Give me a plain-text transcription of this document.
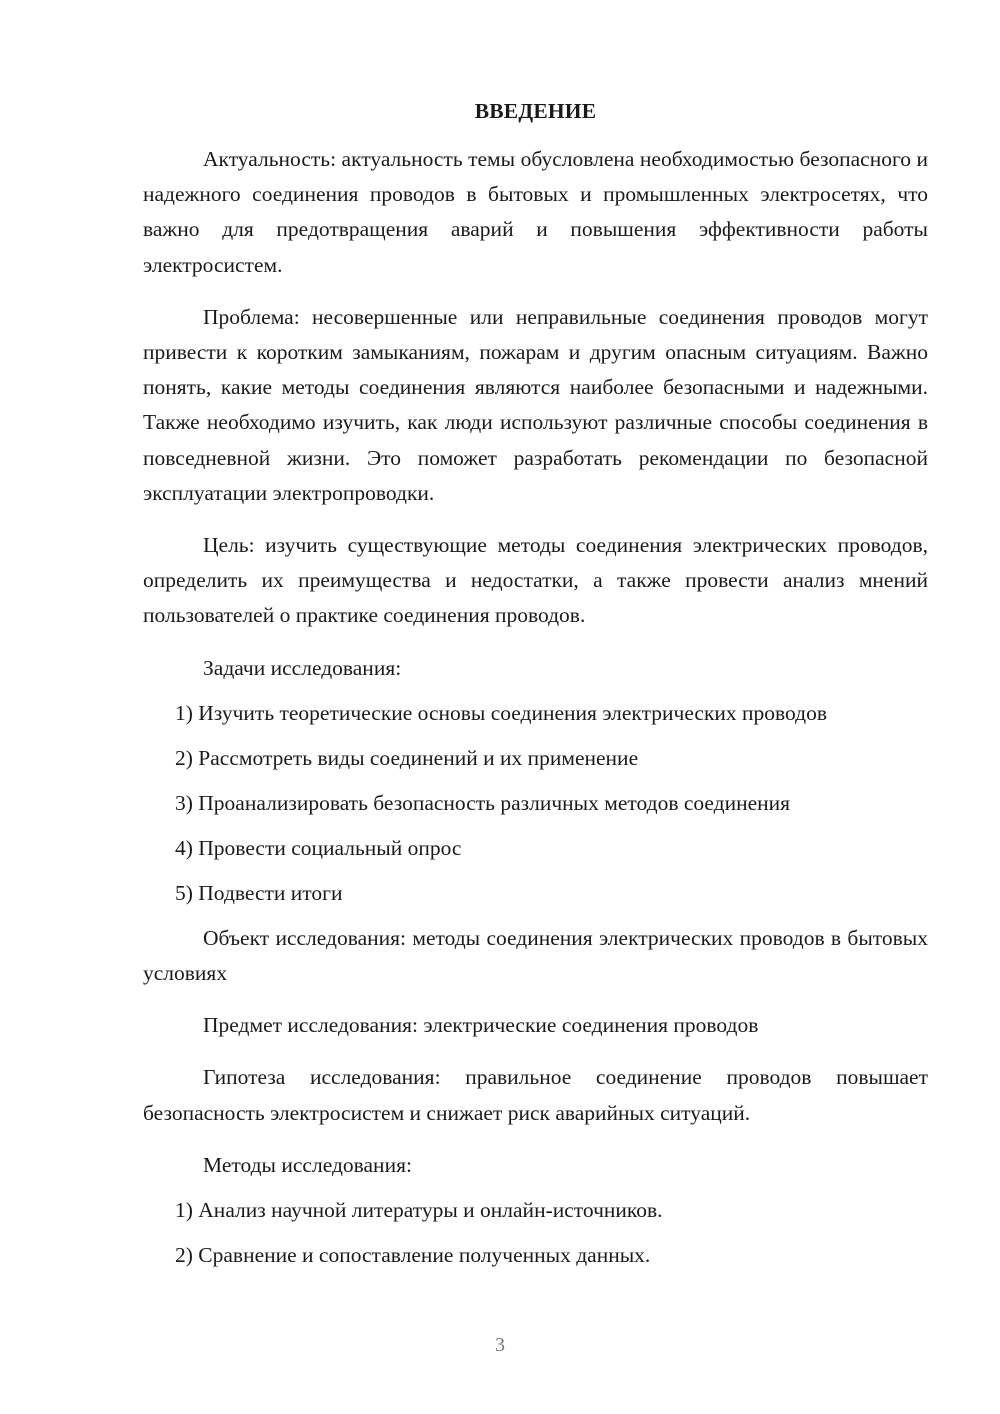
ВВЕДЕНИЕ

Актуальность: актуальность темы обусловлена необходимостью безопасного и надежного соединения проводов в бытовых и промышленных электросетях, что важно для предотвращения аварий и повышения эффективности работы электросистем.

Проблема: несовершенные или неправильные соединения проводов могут привести к коротким замыканиям, пожарам и другим опасным ситуациям. Важно понять, какие методы соединения являются наиболее безопасными и надежными. Также необходимо изучить, как люди используют различные способы соединения в повседневной жизни. Это поможет разработать рекомендации по безопасной эксплуатации электропроводки.

Цель: изучить существующие методы соединения электрических проводов, определить их преимущества и недостатки, а также провести анализ мнений пользователей о практике соединения проводов.

Задачи исследования:

1) Изучить теоретические основы соединения электрических проводов

2) Рассмотреть виды соединений и их применение

3) Проанализировать безопасность различных методов соединения

4) Провести социальный опрос

5) Подвести итоги

Объект исследования: методы соединения электрических проводов в бытовых условиях

Предмет исследования: электрические соединения проводов

Гипотеза исследования: правильное соединение проводов повышает безопасность электросистем и снижает риск аварийных ситуаций.

Методы исследования:

1) Анализ научной литературы и онлайн-источников.

2) Сравнение и сопоставление полученных данных.

3
